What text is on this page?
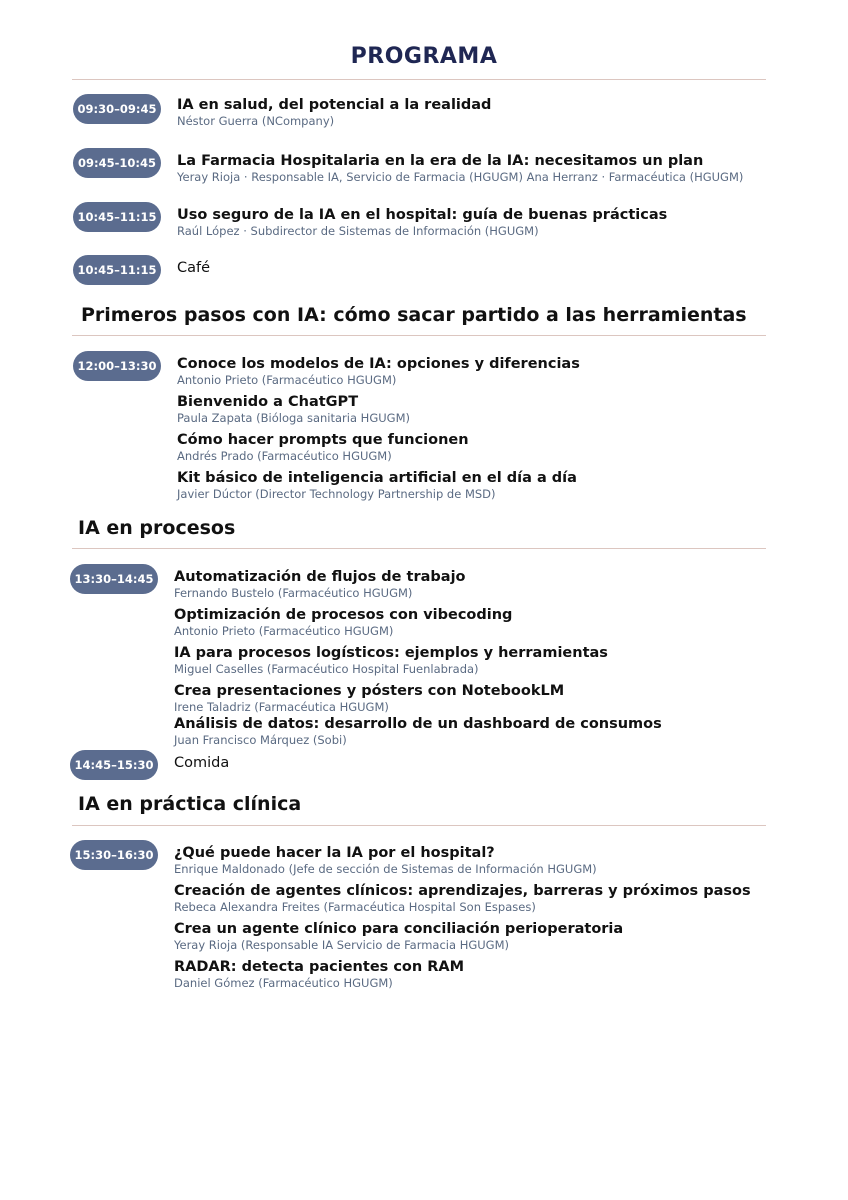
PROGRAMA
09:30–09:45	IA en salud, del potencial a la realidad
Néstor Guerra (NCompany)
09:45-10:45	La Farmacia Hospitalaria en la era de la IA: necesitamos un plan
Yeray Rioja · Responsable IA, Servicio de Farmacia (HGUGM) Ana Herranz · Farmacéutica (HGUGM)
10:45–11:15	Uso seguro de la IA en el hospital: guía de buenas prácticas
Raúl López · Subdirector de Sistemas de Información (HGUGM)
10:45–11:15	Café
Primeros pasos con IA: cómo sacar partido a las herramientas
12:00–13:30	Conoce los modelos de IA: opciones y diferencias
Antonio Prieto (Farmacéutico HGUGM)
Bienvenido a ChatGPT
Paula Zapata (Bióloga sanitaria HGUGM)
Cómo hacer prompts que funcionen
Andrés Prado (Farmacéutico HGUGM)
Kit básico de inteligencia artificial en el día a día
Javier Dúctor (Director Technology Partnership de MSD)
IA en procesos
13:30–14:45	Automatización de flujos de trabajo
Fernando Bustelo (Farmacéutico HGUGM)
Optimización de procesos con vibecoding
Antonio Prieto (Farmacéutico HGUGM)
IA para procesos logísticos: ejemplos y herramientas
Miguel Caselles (Farmacéutico Hospital Fuenlabrada)
Crea presentaciones y pósters con NotebookLM
Irene Taladriz (Farmacéutica HGUGM)
Análisis de datos: desarrollo de un dashboard de consumos
Juan Francisco Márquez (Sobi)
14:45–15:30	Comida
IA en práctica clínica
15:30–16:30	¿Qué puede hacer la IA por el hospital?
Enrique Maldonado (Jefe de sección de Sistemas de Información HGUGM)
Creación de agentes clínicos: aprendizajes, barreras y próximos pasos
Rebeca Alexandra Freites (Farmacéutica Hospital Son Espases)
Crea un agente clínico para conciliación perioperatoria
Yeray Rioja (Responsable IA Servicio de Farmacia HGUGM)
RADAR: detecta pacientes con RAM
Daniel Gómez (Farmacéutico HGUGM)
